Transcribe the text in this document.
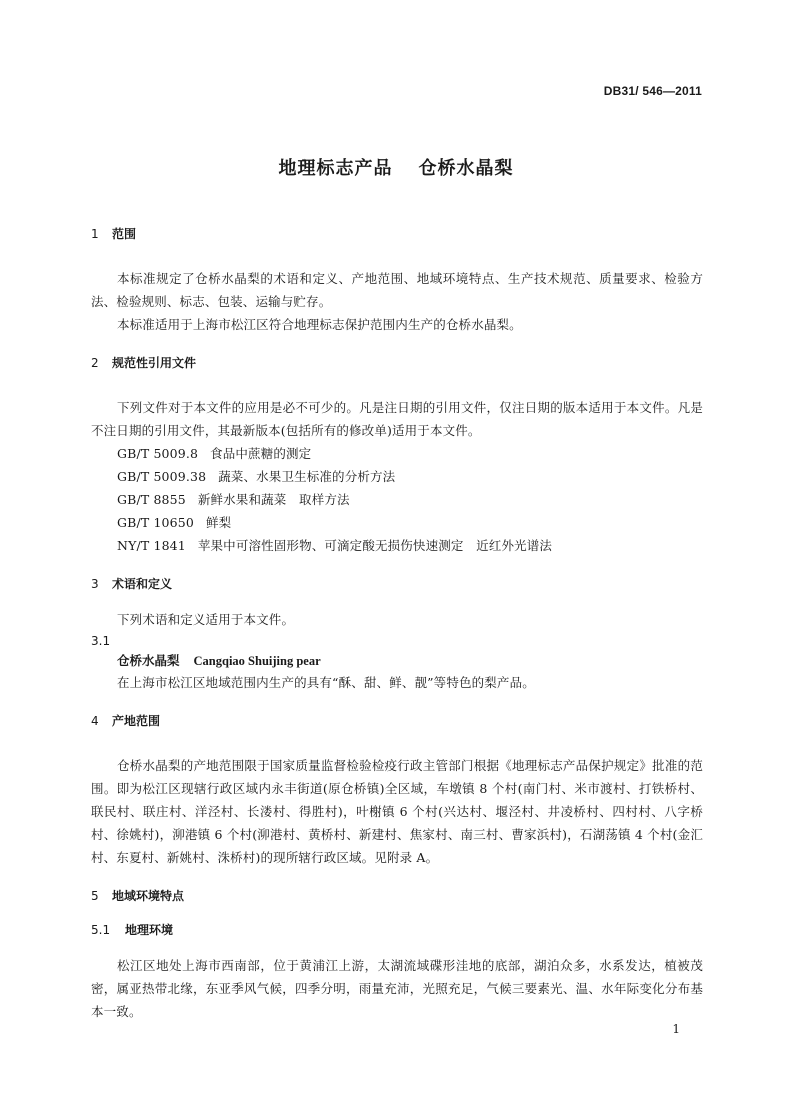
DB31/ 546—2011
地理标志产品 仓桥水晶梨
1 范围

本标准规定了仓桥水晶梨的术语和定义、产地范围、地域环境特点、生产技术规范、质量要求、检验方法、检验规则、标志、包装、运输与贮存。

本标准适用于上海市松江区符合地理标志保护范围内生产的仓桥水晶梨。

2 规范性引用文件

下列文件对于本文件的应用是必不可少的。凡是注日期的引用文件，仅注日期的版本适用于本文件。凡是不注日期的引用文件，其最新版本(包括所有的修改单)适用于本文件。

GB/T 5009.8 食品中蔗糖的测定

GB/T 5009.38 蔬菜、水果卫生标准的分析方法

GB/T 8855 新鲜水果和蔬菜　取样方法

GB/T 10650 鲜梨

NY/T 1841 苹果中可溶性固形物、可滴定酸无损伤快速测定　近红外光谱法

3 术语和定义

下列术语和定义适用于本文件。

3.1

仓桥水晶梨 Cangqiao Shuijing pear

在上海市松江区地域范围内生产的具有“酥、甜、鲜、靓”等特色的梨产品。

4 产地范围

仓桥水晶梨的产地范围限于国家质量监督检验检疫行政主管部门根据《地理标志产品保护规定》批准的范围。即为松江区现辖行政区域内永丰街道(原仓桥镇)全区域，车墩镇 8 个村(南门村、米市渡村、打铁桥村、联民村、联庄村、洋泾村、长溇村、得胜村)，叶榭镇 6 个村(兴达村、堰泾村、井凌桥村、四村村、八字桥村、徐姚村)，泖港镇 6 个村(泖港村、黄桥村、新建村、焦家村、南三村、曹家浜村)，石湖荡镇 4 个村(金汇村、东夏村、新姚村、洙桥村)的现所辖行政区域。见附录 A。

5 地域环境特点
5.1 地理环境

松江区地处上海市西南部，位于黄浦江上游，太湖流域碟形洼地的底部，湖泊众多，水系发达，植被茂密，属亚热带北缘，东亚季风气候，四季分明，雨量充沛，光照充足，气候三要素光、温、水年际变化分布基本一致。

1
